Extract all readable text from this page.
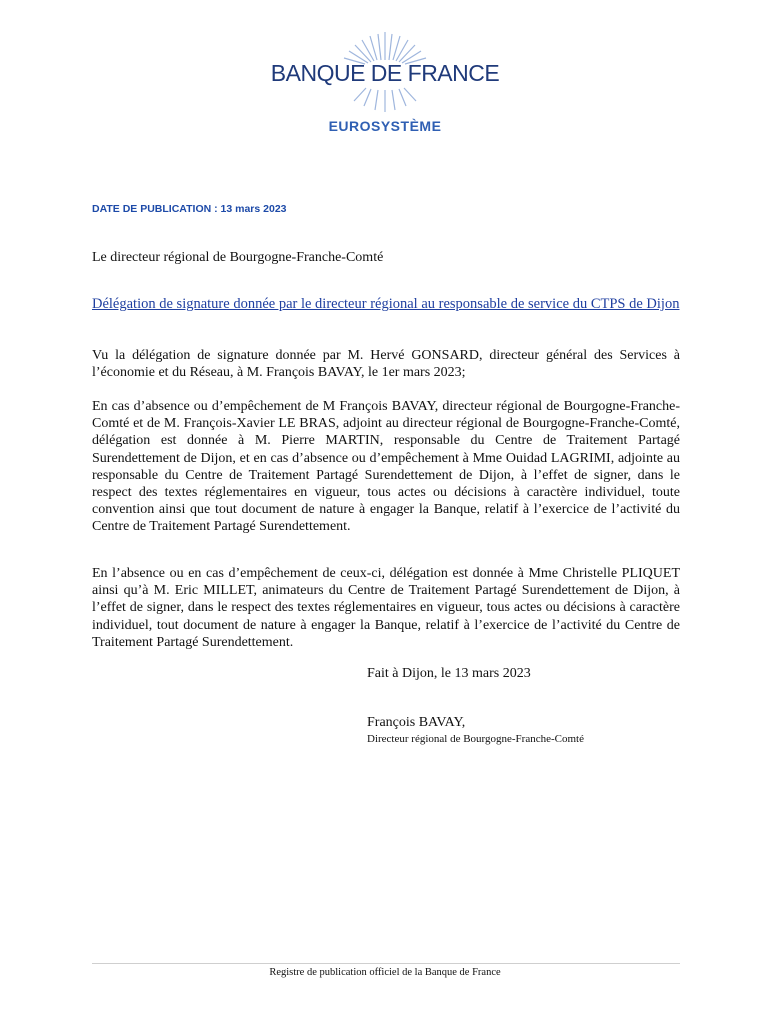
BANQUE DE FRANCE
EUROSYSTÈME
DATE DE PUBLICATION : 13 mars 2023
Le directeur régional de Bourgogne-Franche-Comté
Délégation de signature donnée par le directeur régional au responsable de service du CTPS de Dijon
Vu la délégation de signature donnée par M. Hervé GONSARD, directeur général des Services à l’économie et du Réseau, à M. François BAVAY, le 1er mars 2023;
En cas d’absence ou d’empêchement de M François BAVAY, directeur régional de Bourgogne-Franche-Comté et de M. François-Xavier LE BRAS, adjoint au directeur régional de Bourgogne-Franche-Comté, délégation est donnée à M. Pierre MARTIN, responsable du Centre de Traitement Partagé Surendettement de Dijon, et en cas d’absence ou d’empêchement à Mme Ouidad LAGRIMI, adjointe au responsable du Centre de Traitement Partagé Surendettement de Dijon, à l’effet de signer, dans le respect des textes réglementaires en vigueur, tous actes ou décisions à caractère individuel, toute convention ainsi que tout document de nature à engager la Banque, relatif à l’exercice de l’activité du Centre de Traitement Partagé Surendettement.
En l’absence ou en cas d’empêchement de ceux-ci, délégation est donnée à Mme Christelle PLIQUET ainsi qu’à M. Eric MILLET, animateurs du Centre de Traitement Partagé Surendettement de Dijon, à l’effet de signer, dans le respect des textes réglementaires en vigueur, tous actes ou décisions à caractère individuel, tout document de nature à engager la Banque, relatif à l’exercice de l’activité du Centre de Traitement Partagé Surendettement.
Fait à Dijon, le 13 mars 2023
François BAVAY,
Directeur régional de Bourgogne-Franche-Comté
Registre de publication officiel de la Banque de France
